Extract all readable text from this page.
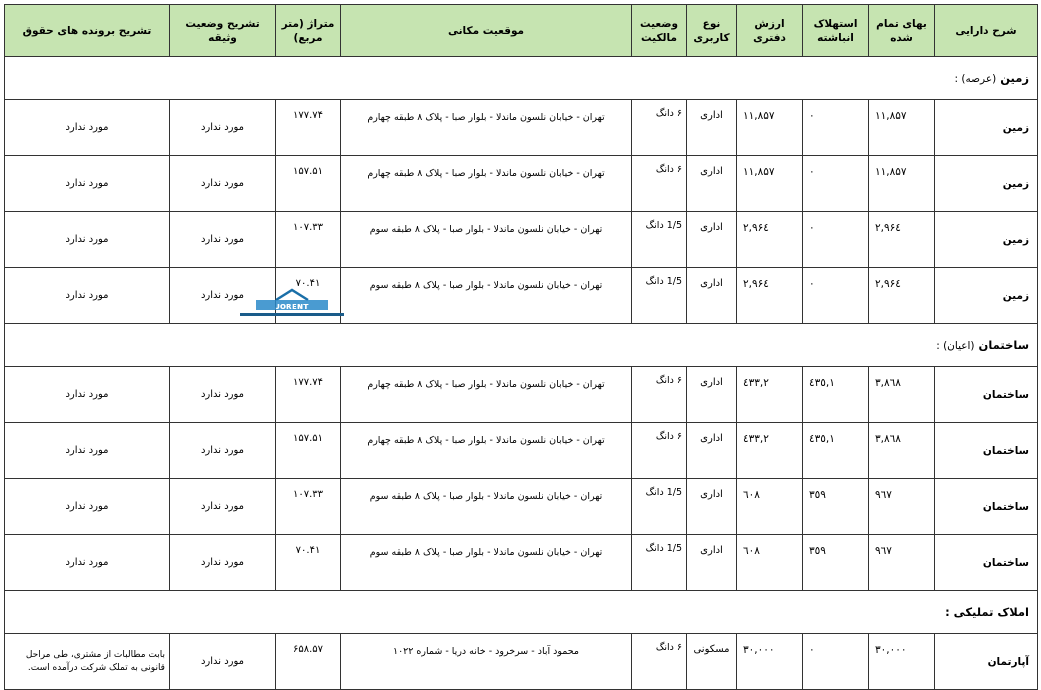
شرح دارایی	بهای تمام شده	استهلاک انباشته	ارزش دفتری	نوع کاربری	وضعیت مالکیت	موقعیت مکانی	متراژ (متر مربع)	تشریح وضعیت وثیقه	تشریح برونده های حقوق
زمین (عرصه) :									
زمین	۱۱,۸۵۷	۰	۱۱,۸۵۷	اداری	۶ دانگ	تهران - خیابان نلسون ماندلا - بلوار صبا - پلاک ۸ طبقه چهارم	۱۷۷.۷۴	مورد ندارد	مورد ندارد
زمین	۱۱,۸۵۷	۰	۱۱,۸۵۷	اداری	۶ دانگ	تهران - خیابان نلسون ماندلا - بلوار صبا - پلاک ۸ طبقه چهارم	۱۵۷.۵۱	مورد ندارد	مورد ندارد
زمین	۲,۹۶٤	۰	۲,۹۶٤	اداری	1/5 دانگ	تهران - خیابان نلسون ماندلا - بلوار صبا - پلاک ۸ طبقه سوم	۱۰۷.۳۳	مورد ندارد	مورد ندارد
زمین	۲,۹۶٤	۰	۲,۹۶٤	اداری	1/5 دانگ	تهران - خیابان نلسون ماندلا - بلوار صبا - پلاک ۸ طبقه سوم	۷۰.۴۱	مورد ندارد	مورد ندارد
ساختمان (اعیان) :									
ساختمان	۳,۸٦۸	۱,٤۳٥	۲,٤۳۳	اداری	۶ دانگ	تهران - خیابان نلسون ماندلا - بلوار صبا - پلاک ۸ طبقه چهارم	۱۷۷.۷۴	مورد ندارد	مورد ندارد
ساختمان	۳,۸٦۸	۱,٤۳٥	۲,٤۳۳	اداری	۶ دانگ	تهران - خیابان نلسون ماندلا - بلوار صبا - پلاک ۸ طبقه چهارم	۱۵۷.۵۱	مورد ندارد	مورد ندارد
ساختمان	۹٦۷	۳٥۹	٦۰۸	اداری	1/5 دانگ	تهران - خیابان نلسون ماندلا - بلوار صبا - پلاک ۸ طبقه سوم	۱۰۷.۳۳	مورد ندارد	مورد ندارد
ساختمان	۹٦۷	۳٥۹	٦۰۸	اداری	1/5 دانگ	تهران - خیابان نلسون ماندلا - بلوار صبا - پلاک ۸ طبقه سوم	۷۰.۴۱	مورد ندارد	مورد ندارد
املاک تملیکی :									
آپارتمان	۳۰,۰۰۰	۰	۳۰,۰۰۰	مسکونی	۶ دانگ	محمود آباد - سرخرود - خانه دریا - شماره ۱۰۲۲	۶۵۸.۵۷	مورد ندارد	بابت مطالبات از مشتری، طی مراحل قانونی به تملک شرکت درآمده است.
ᴊᴏʀᴇɴᴛ
